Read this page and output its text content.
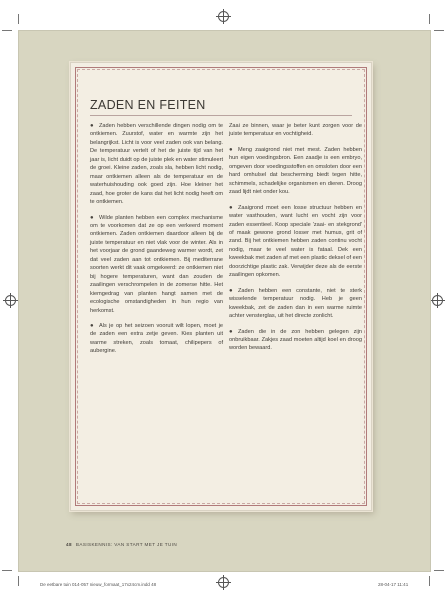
ZADEN EN FEITEN

● Zaden hebben verschillende dingen nodig om te ontkiemen. Zuurstof, water en warmte zijn het belangrijkst. Licht is voor veel zaden ook van belang. De temperatuur vertelt of het de juiste tijd van het jaar is, licht duidt op de juiste plek en water stimuleert de groei. Kleine zaden, zoals sla, hebben licht nodig, maar ontkiemen alleen als de temperatuur en de waterhuishouding ook goed zijn. Hoe kleiner het zaad, hoe groter de kans dat het licht nodig heeft om te ontkiemen.

● Wilde planten hebben een complex mechanisme om te voorkomen dat ze op een verkeerd moment ontkiemen. Zaden ontkiemen daardoor alleen bij de juiste temperatuur en niet vlak voor de winter. Als in het voorjaar de grond gaandeweg warmer wordt, zet dat veel zaden aan tot ontkiemen. Bij mediterrane soorten werkt dit vaak omgekeerd: ze ontkiemen niet bij hogere temperaturen, want dan zouden de zaailingen verschrompelen in de zomerse hitte. Het kiemgedrag van planten hangt samen met de ecologische omstandigheden in hun regio van herkomst.

● Als je op het seizoen vooruit wilt lopen, moet je de zaden een extra zetje geven. Kies planten uit warme streken, zoals tomaat, chilipepers of aubergine.

Zaai ze binnen, waar je beter kunt zorgen voor de juiste temperatuur en vochtigheid.

● Meng zaaigrond niet met mest. Zaden hebben hun eigen voedingsbron. Een zaadje is een embryo, omgeven door voedingsstoffen en omsloten door een hard omhulsel dat bescherming biedt tegen hitte, schimmels, schadelijke organismen en dieren. Droog zaad lijdt niet onder kou.

● Zaaigrond moet een losse structuur hebben en water vasthouden, want lucht en vocht zijn voor zaden essentieel. Koop speciale 'zaai- en stekgrond' of maak gewone grond losser met humus, grit of zand. Bij het ontkiemen hebben zaden continu vocht nodig, maar te veel water is fataal. Dek een kweekbak met zaden af met een plastic deksel of een doorzichtige plastic zak. Verwijder deze als de eerste zaailingen opkomen.

● Zaden hebben een constante, niet te sterk wisselende temperatuur nodig. Heb je geen kweekbak, zet de zaden dan in een warme ruimte achter vensterglas, uit het directe zonlicht.

● Zaden die in de zon hebben gelegen zijn onbruikbaar. Zakjes zaad moeten altijd koel en droog worden bewaard.

48 BASISKENNIS: VAN START MET JE TUIN
De eetbare tuin 014-057 nieuw_formaat_17x24cm.indd 48	28-04-17 11:41
